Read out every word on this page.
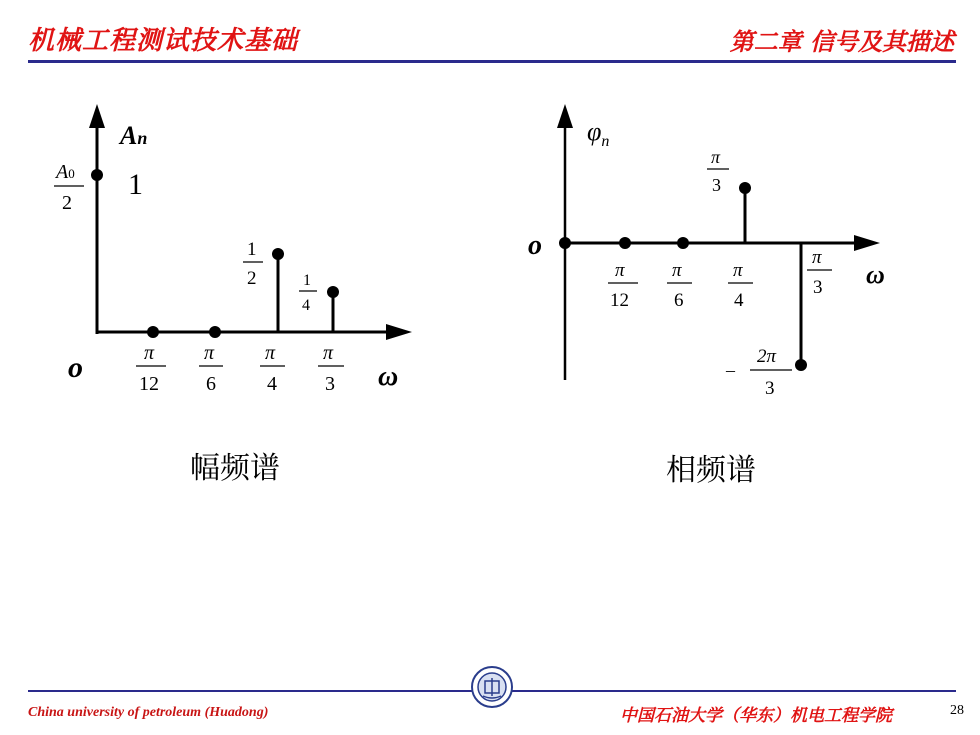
机械工程测试技术基础	第二章 信号及其描述
An
o	ω
A0
2
1
1
2	1
4
π
12
π
6
π
4
π
3
$\varphi_n$
o
ω
π
3
–
2π
3
π
12
π
6
π
4
π
3
幅频谱	相频谱
China university of petroleum (Huadong)	中国石油大学（华东）机电工程学院	28
